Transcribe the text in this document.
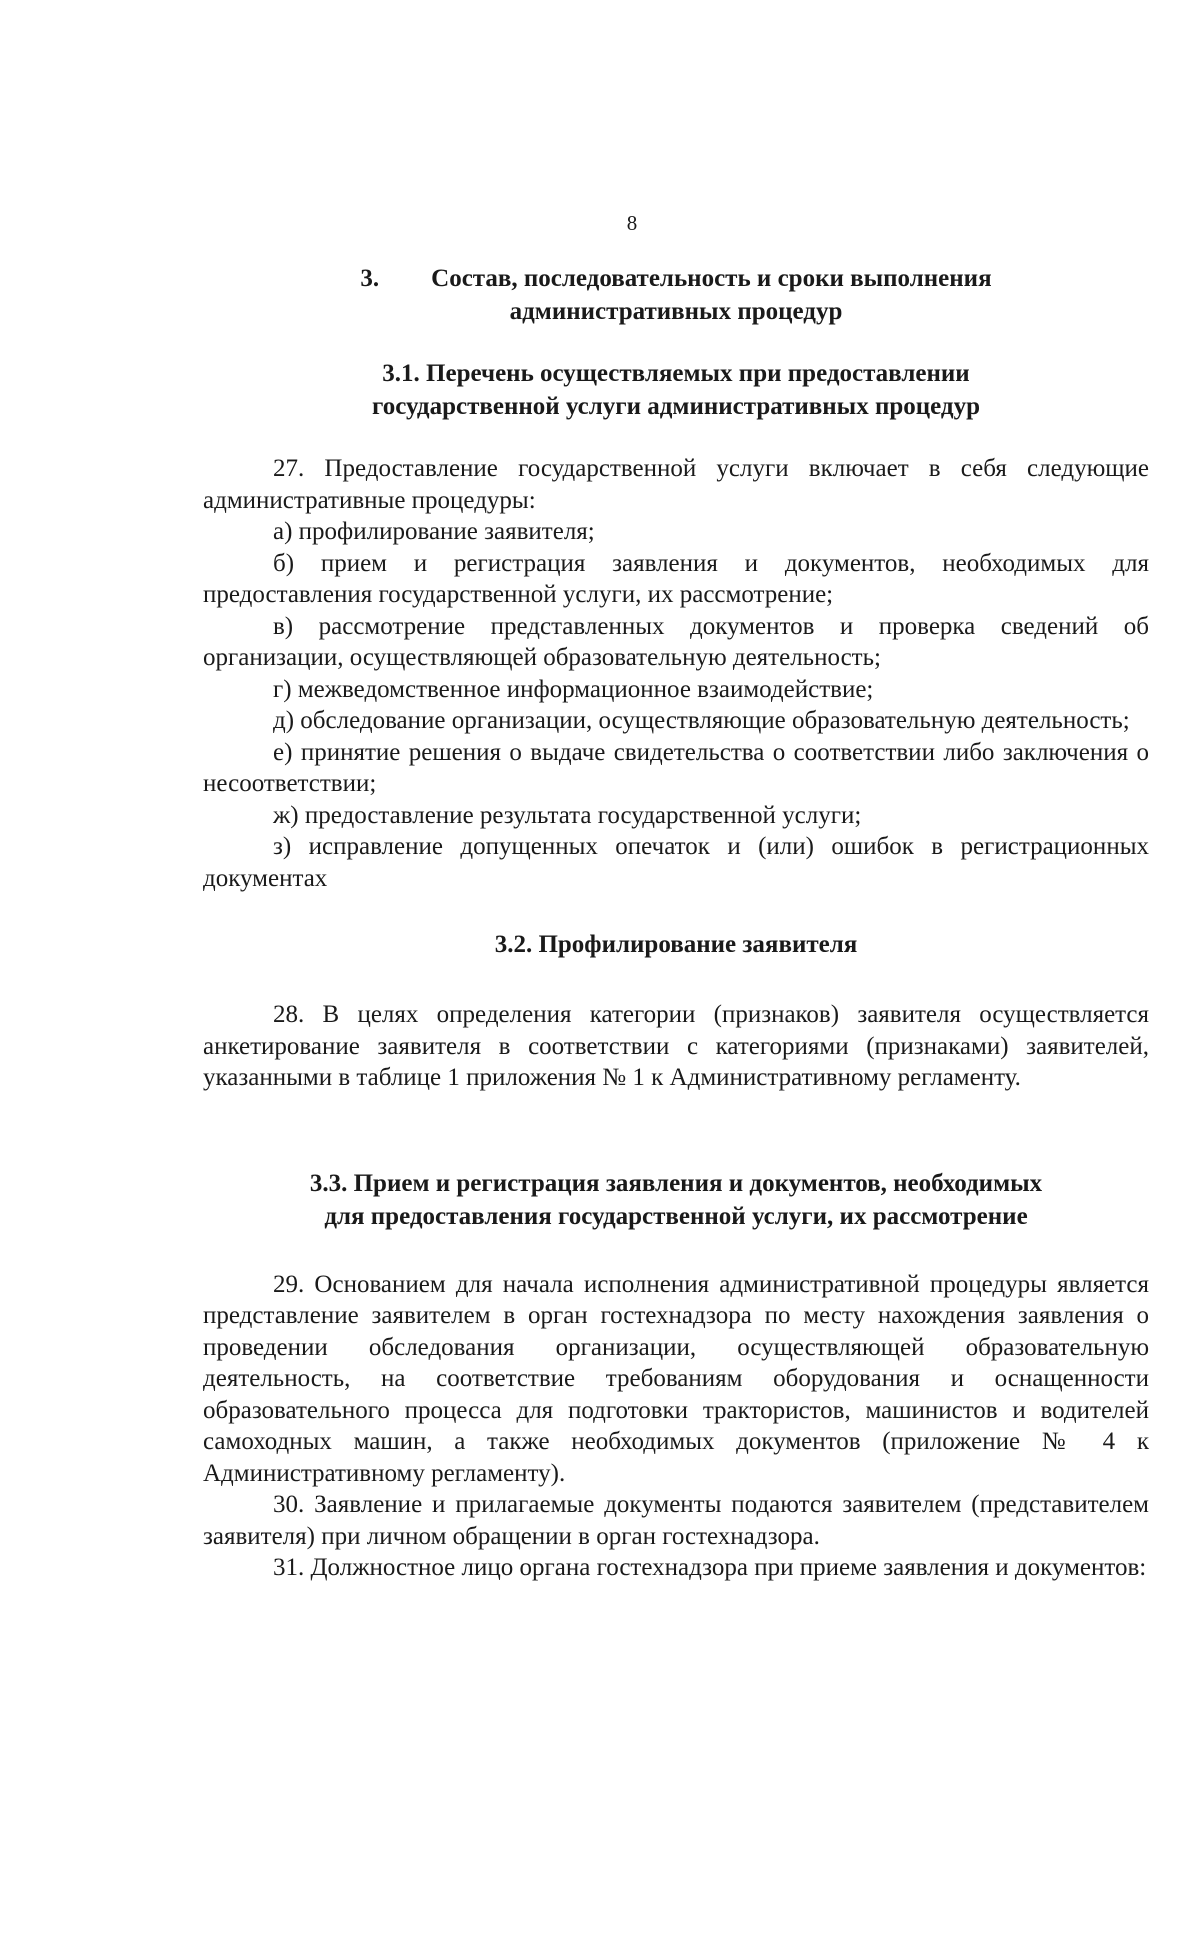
8
3. Состав, последовательность и сроки выполнения
административных процедур
3.1. Перечень осуществляемых при предоставлении
государственной услуги административных процедур

27. Предоставление государственной услуги включает в себя следующие административные процедуры:

а) профилирование заявителя;

б) прием и регистрация заявления и документов, необходимых для предоставления государственной услуги, их рассмотрение;

в) рассмотрение представленных документов и проверка сведений об организации, осуществляющей образовательную деятельность;

г) межведомственное информационное взаимодействие;

д) обследование организации, осуществляющие образовательную деятельность;

е) принятие решения о выдаче свидетельства о соответствии либо заключения о несоответствии;

ж) предоставление результата государственной услуги;

з) исправление допущенных опечаток и (или) ошибок в регистрационных документах

3.2. Профилирование заявителя

28. В целях определения категории (признаков) заявителя осуществляется анкетирование заявителя в соответствии с категориями (признаками) заявителей, указанными в таблице 1 приложения № 1 к Административному регламенту.

3.3. Прием и регистрация заявления и документов, необходимых
для предоставления государственной услуги, их рассмотрение

29. Основанием для начала исполнения административной процедуры является представление заявителем в орган гостехнадзора по месту нахождения заявления о проведении обследования организации, осуществляющей образовательную деятельность, на соответствие требованиям оборудования и оснащенности образовательного процесса для подготовки трактористов, машинистов и водителей самоходных машин, а также необходимых документов (приложение № 4 к Административному регламенту).

30. Заявление и прилагаемые документы подаются заявителем (представителем заявителя) при личном обращении в орган гостехнадзора.

31. Должностное лицо органа гостехнадзора при приеме заявления и документов:
